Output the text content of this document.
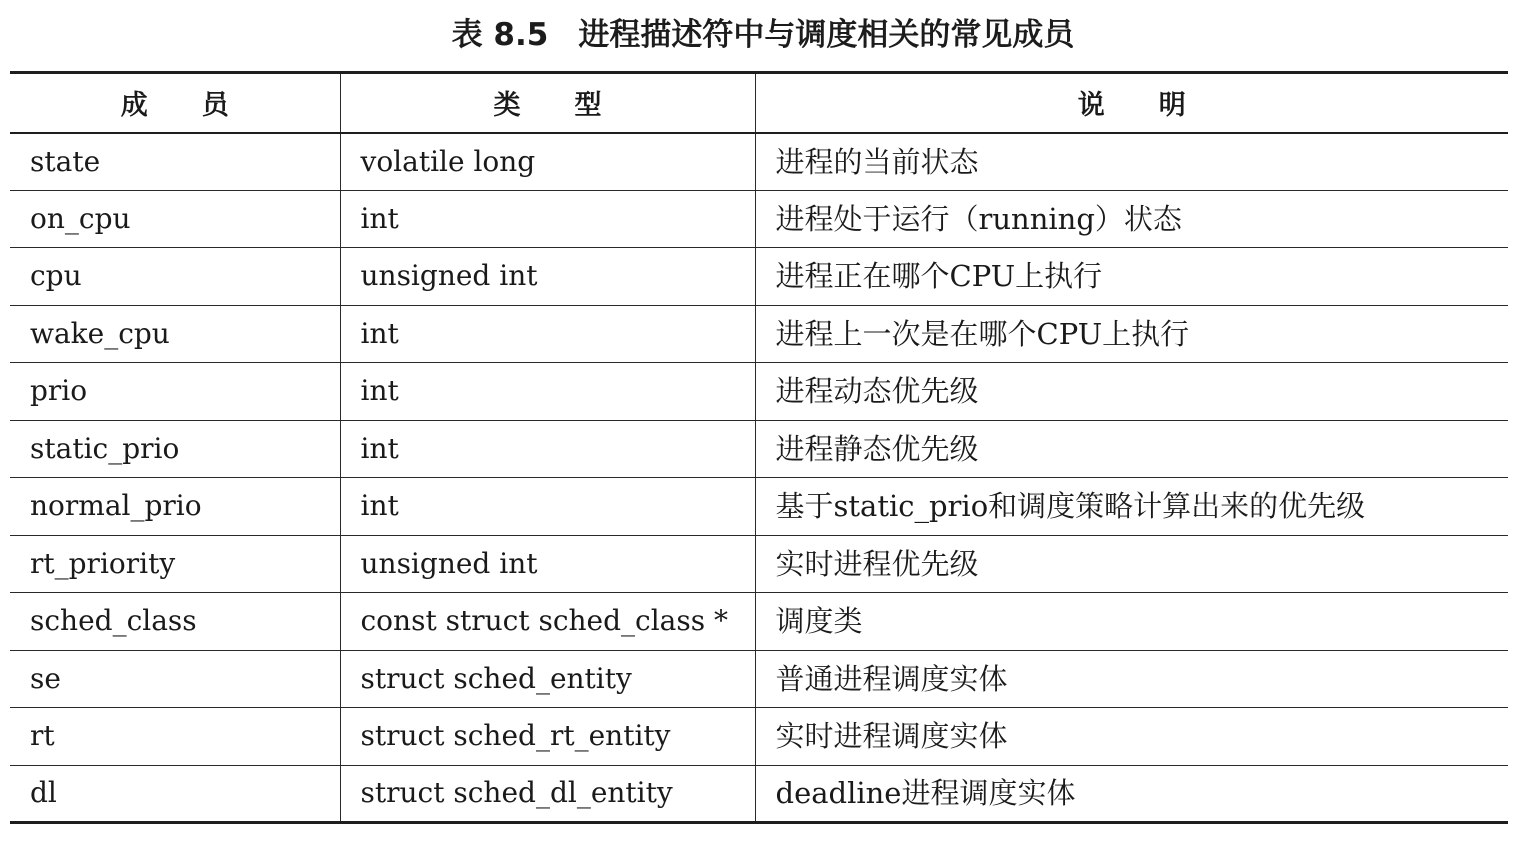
表 8.5 进程描述符中与调度相关的常见成员
成　　员	类　　型	说　　明
state	volatile long	进程的当前状态
on_cpu	int	进程处于运行（running）状态
cpu	unsigned int	进程正在哪个CPU上执行
wake_cpu	int	进程上一次是在哪个CPU上执行
prio	int	进程动态优先级
static_prio	int	进程静态优先级
normal_prio	int	基于static_prio和调度策略计算出来的优先级
rt_priority	unsigned int	实时进程优先级
sched_class	const struct sched_class *	调度类
se	struct sched_entity	普通进程调度实体
rt	struct sched_rt_entity	实时进程调度实体
dl	struct sched_dl_entity	deadline进程调度实体
